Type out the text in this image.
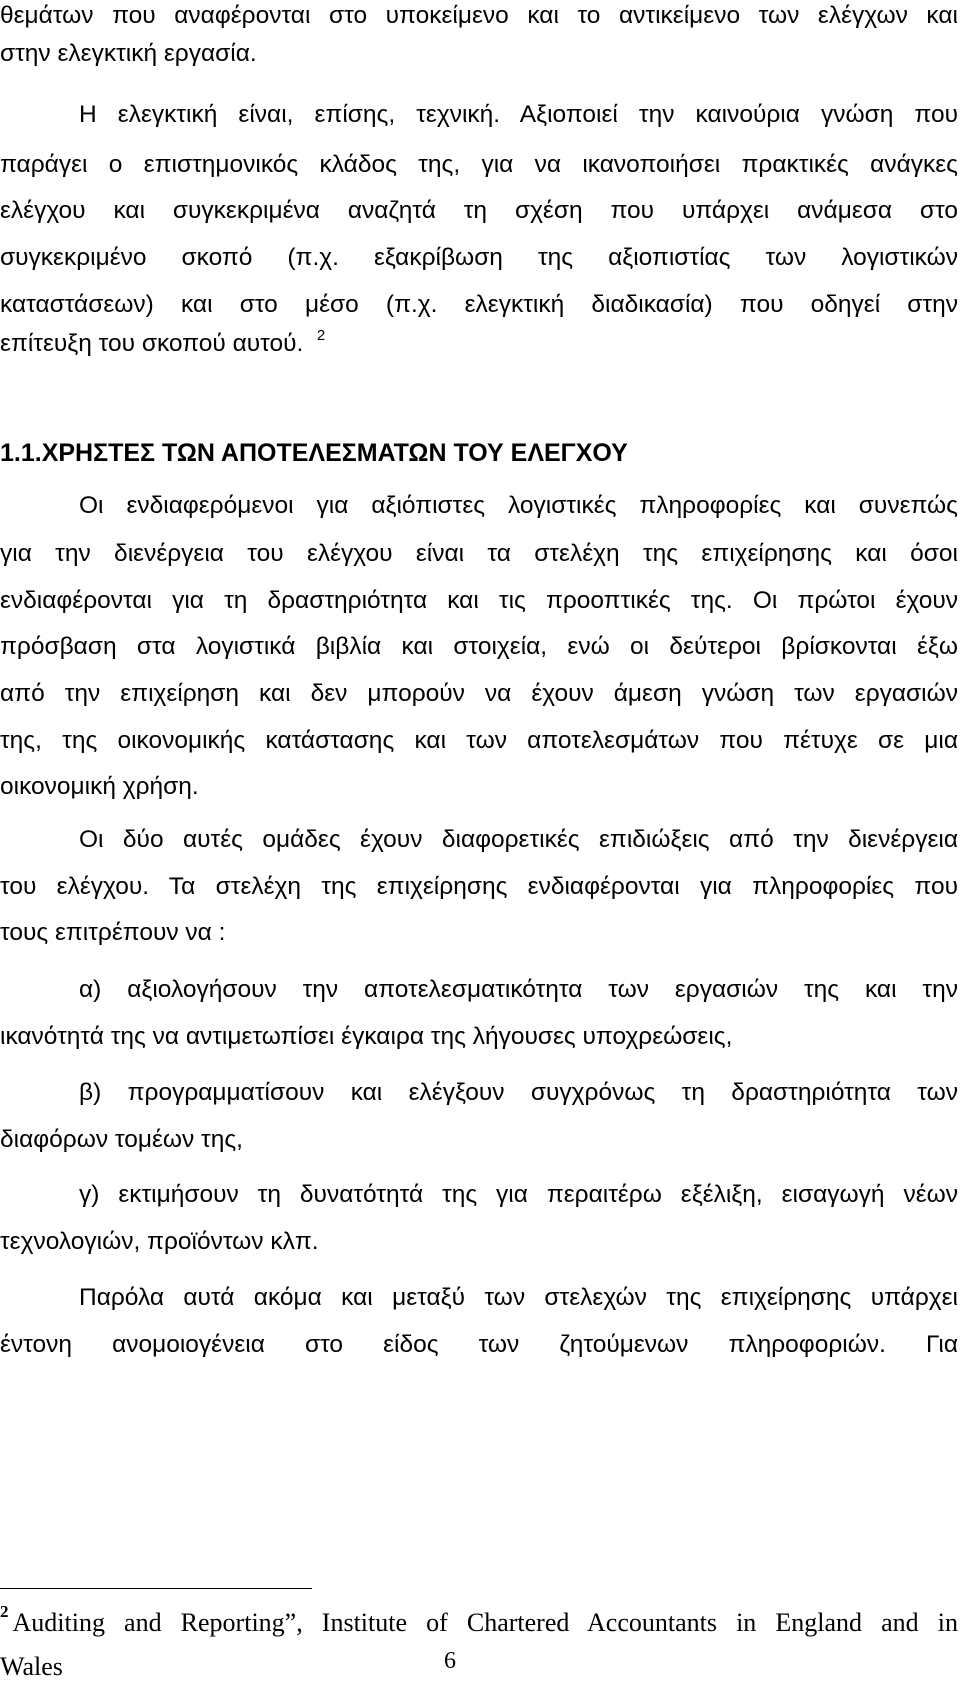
θεμάτων που αναφέρονται στο υποκείμενο και το αντικείμενο των ελέγχων και
στην ελεγκτική εργασία.
Η ελεγκτική είναι, επίσης, τεχνική. Αξιοποιεί την καινούρια γνώση που
παράγει ο επιστημονικός κλάδος της, για να ικανοποιήσει πρακτικές ανάγκες
ελέγχου και συγκεκριμένα αναζητά τη σχέση που υπάρχει ανάμεσα στο
συγκεκριμένο σκοπό (π.χ. εξακρίβωση της αξιοπιστίας των λογιστικών
καταστάσεων) και στο μέσο (π.χ. ελεγκτική διαδικασία) που οδηγεί στην
επίτευξη του σκοπού αυτού. $^2$
1.1.ΧΡΗΣΤΕΣ ΤΩΝ ΑΠΟΤΕΛΕΣΜΑΤΩΝ ΤΟΥ ΕΛΕΓΧΟΥ
Οι ενδιαφερόμενοι για αξιόπιστες λογιστικές πληροφορίες και συνεπώς
για την διενέργεια του ελέγχου είναι τα στελέχη της επιχείρησης και όσοι
ενδιαφέρονται για τη δραστηριότητα και τις προοπτικές της. Οι πρώτοι έχουν
πρόσβαση στα λογιστικά βιβλία και στοιχεία, ενώ οι δεύτεροι βρίσκονται έξω
από την επιχείρηση και δεν μπορούν να έχουν άμεση γνώση των εργασιών
της, της οικονομικής κατάστασης και των αποτελεσμάτων που πέτυχε σε μια
οικονομική χρήση.
Οι δύο αυτές ομάδες έχουν διαφορετικές επιδιώξεις από την διενέργεια
του ελέγχου. Τα στελέχη της επιχείρησης ενδιαφέρονται για πληροφορίες που
τους επιτρέπουν να :
α) αξιολογήσουν την αποτελεσματικότητα των εργασιών της και την
ικανότητά της να αντιμετωπίσει έγκαιρα της λήγουσες υποχρεώσεις,
β) προγραμματίσουν και ελέγξουν συγχρόνως τη δραστηριότητα των
διαφόρων τομέων της,
γ) εκτιμήσουν τη δυνατότητά της για περαιτέρω εξέλιξη, εισαγωγή νέων
τεχνολογιών, προϊόντων κλπ.
Παρόλα αυτά ακόμα και μεταξύ των στελεχών της επιχείρησης υπάρχει
έντονη ανομοιογένεια στο είδος των ζητούμενων πληροφοριών. Για
$^2$ Auditing and Reporting”, Institute of Chartered Accountants in England and in
Wales	6
